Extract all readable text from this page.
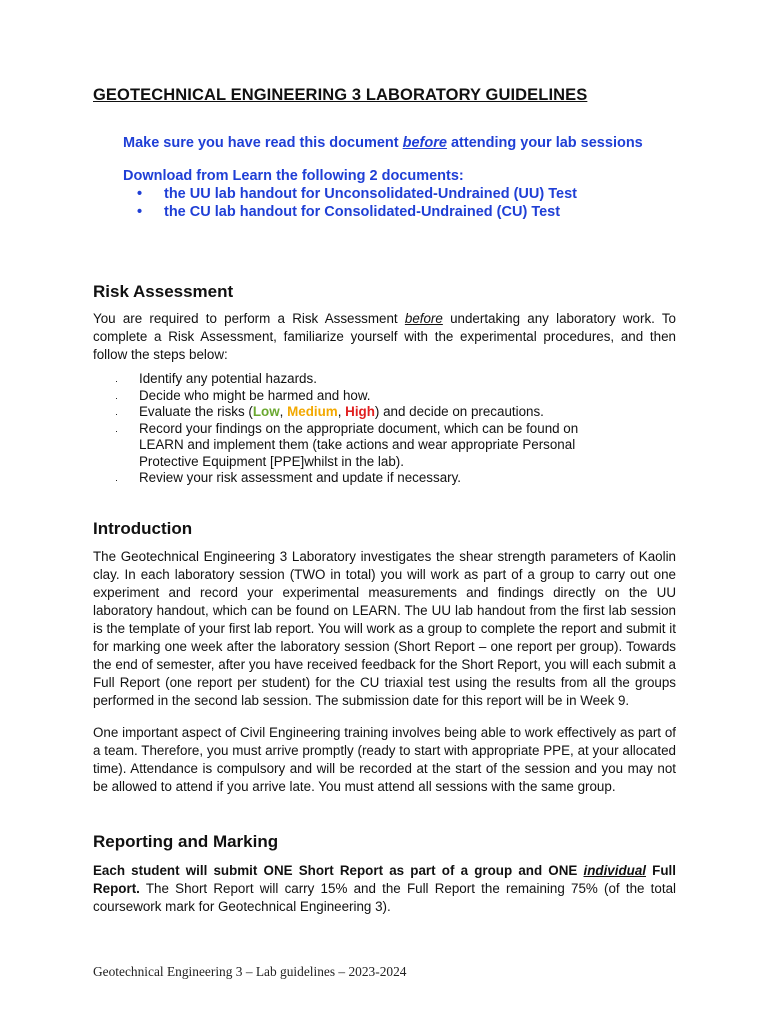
GEOTECHNICAL ENGINEERING 3 LABORATORY GUIDELINES

Make sure you have read this document before attending your lab sessions

Download from Learn the following 2 documents:

• the UU lab handout for Unconsolidated-Undrained (UU) Test
• the CU lab handout for Consolidated-Undrained (CU) Test
Risk Assessment

You are required to perform a Risk Assessment before undertaking any laboratory work. To complete a Risk Assessment, familiarize yourself with the experimental procedures, and then follow the steps below:

․ Identify any potential hazards.
․ Decide who might be harmed and how.
․ Evaluate the risks (Low, Medium, High) and decide on precautions.
․ Record your findings on the appropriate document, which can be found on LEARN and implement them (take actions and wear appropriate Personal Protective Equipment [PPE]whilst in the lab).
․ Review your risk assessment and update if necessary.
Introduction

The Geotechnical Engineering 3 Laboratory investigates the shear strength parameters of Kaolin clay. In each laboratory session (TWO in total) you will work as part of a group to carry out one experiment and record your experimental measurements and findings directly on the UU laboratory handout, which can be found on LEARN. The UU lab handout from the first lab session is the template of your first lab report. You will work as a group to complete the report and submit it for marking one week after the laboratory session (Short Report – one report per group). Towards the end of semester, after you have received feedback for the Short Report, you will each submit a Full Report (one report per student) for the CU triaxial test using the results from all the groups performed in the second lab session. The submission date for this report will be in Week 9.

One important aspect of Civil Engineering training involves being able to work effectively as part of a team. Therefore, you must arrive promptly (ready to start with appropriate PPE, at your allocated time). Attendance is compulsory and will be recorded at the start of the session and you may not be allowed to attend if you arrive late. You must attend all sessions with the same group.

Reporting and Marking

Each student will submit ONE Short Report as part of a group and ONE individual Full Report. The Short Report will carry 15% and the Full Report the remaining 75% (of the total coursework mark for Geotechnical Engineering 3).

Geotechnical Engineering 3 – Lab guidelines – 2023-2024
